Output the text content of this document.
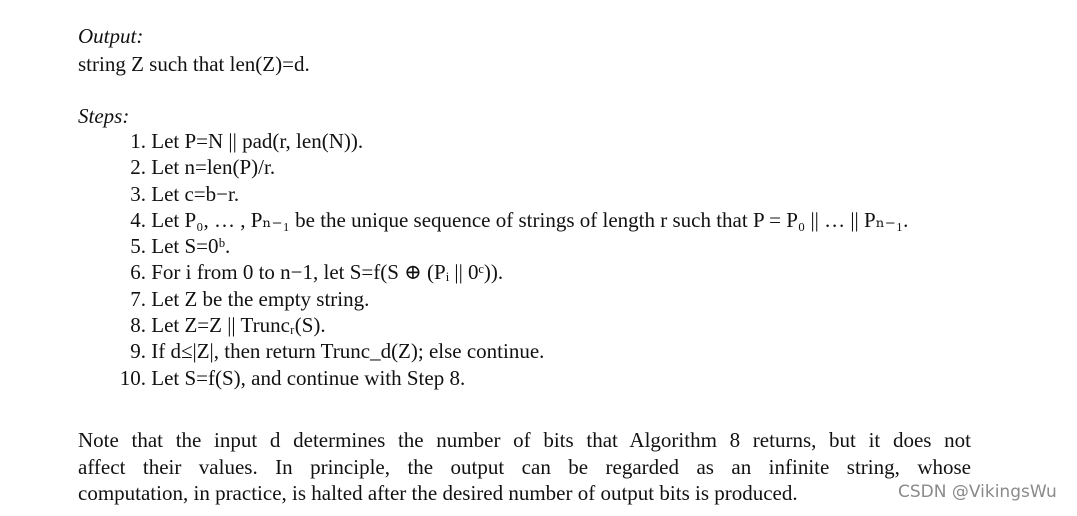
Output:
string Z such that len(Z)=d.
Steps:
1. Let P=N || pad(r, len(N)).
2. Let n=len(P)/r.
3. Let c=b−r.
4. Let P₀, … , Pₙ₋₁ be the unique sequence of strings of length r such that P = P₀ || … || Pₙ₋₁.
5. Let S=0ᵇ.
6. For i from 0 to n−1, let S=f(S ⊕ (Pᵢ || 0ᶜ)).
7. Let Z be the empty string.
8. Let Z=Z || Truncᵣ(S).
9. If d≤|Z|, then return Trunc_d(Z); else continue.
10. Let S=f(S), and continue with Step 8.
Note that the input d determines the number of bits that Algorithm 8 returns, but it does not
affect their values. In principle, the output can be regarded as an infinite string, whose
computation, in practice, is halted after the desired number of output bits is produced.	CSDN @VikingsWu
